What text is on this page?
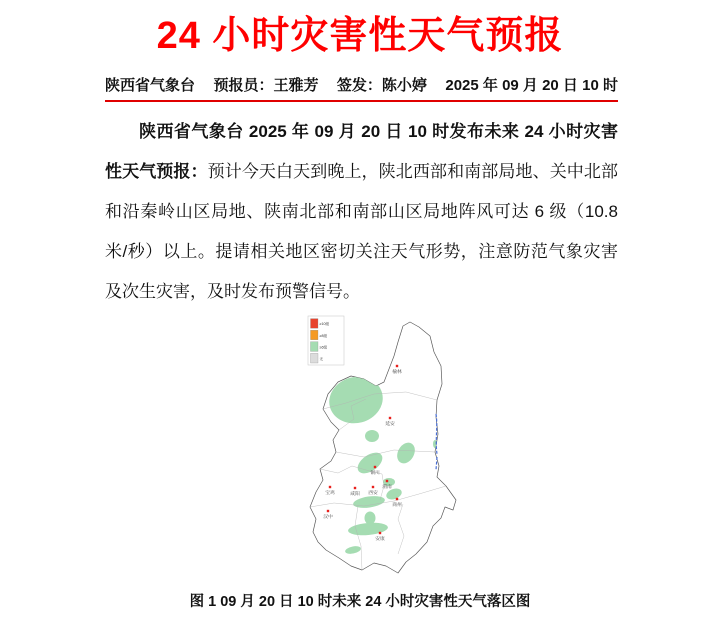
24 小时灾害性天气预报
陕西省气象台 预报员：王雅芳 签发：陈小婷 2025 年 09 月 20 日 10 时

陕西省气象台 2025 年 09 月 20 日 10 时发布未来 24 小时灾害性天气预报：预计今天白天到晚上，陕北西部和南部局地、关中北部和沿秦岭山区局地、陕南北部和南部山区局地阵风可达 6 级（10.8 米/秒）以上。提请相关地区密切关注天气形势，注意防范气象灾害及次生灾害，及时发布预警信号。

榆林
延安
铜川
宝鸡	咸阳 西安
渭南
商州
汉中
安康
≥10级
≥8级
≥6级
无
图 1 09 月 20 日 10 时未来 24 小时灾害性天气落区图
